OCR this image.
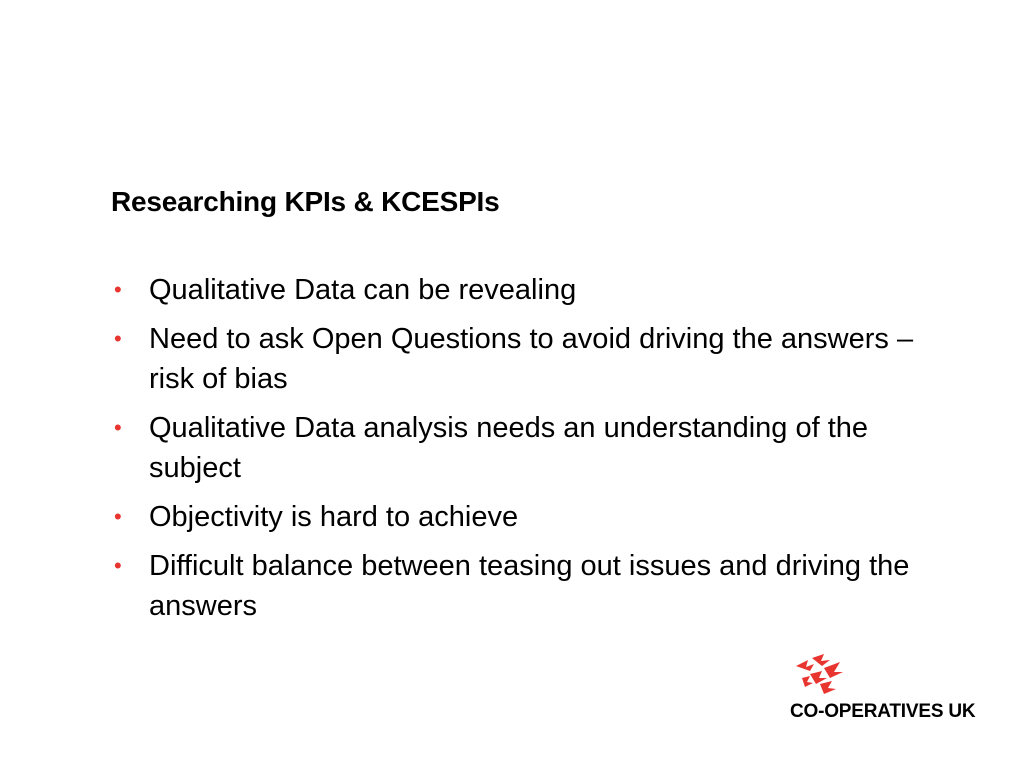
Researching KPIs & KCESPIs
• Qualitative Data can be revealing
• Need to ask Open Questions to avoid driving the answers – risk of bias
• Qualitative Data analysis needs an understanding of the subject
• Objectivity is hard to achieve
• Difficult balance between teasing out issues and driving the answers
CO-OPERATIVES UK
